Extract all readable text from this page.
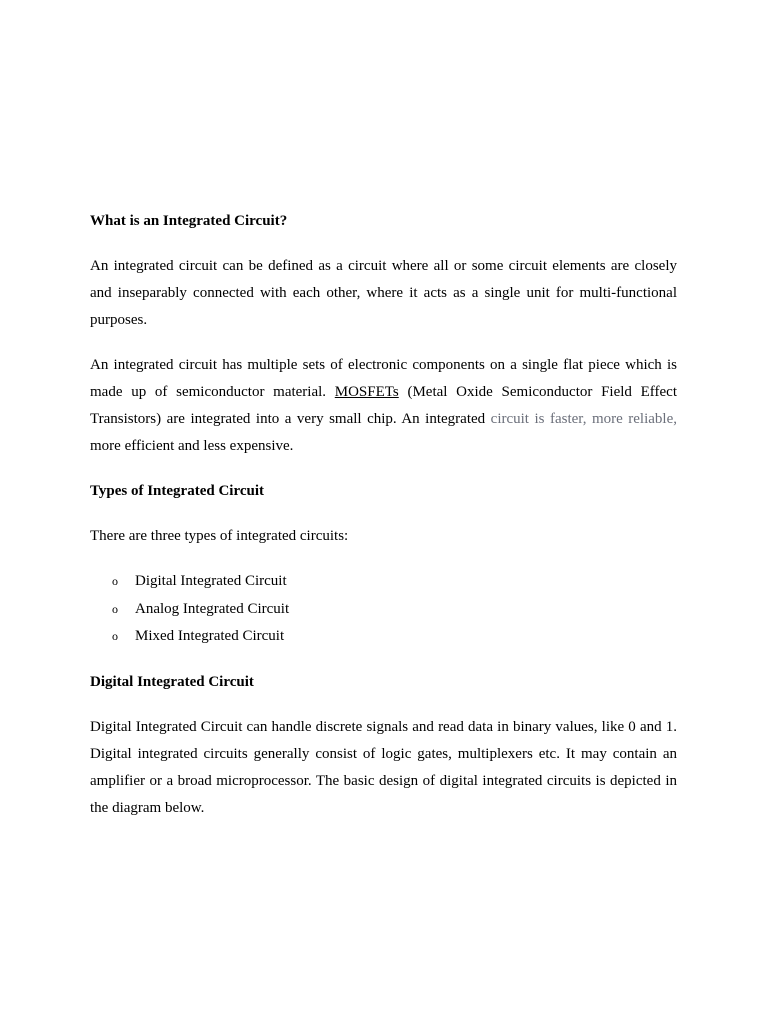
What is an Integrated Circuit?

An integrated circuit can be defined as a circuit where all or some circuit elements are closely and inseparably connected with each other, where it acts as a single unit for multi-functional purposes.

An integrated circuit has multiple sets of electronic components on a single flat piece which is made up of semiconductor material. MOSFETs (Metal Oxide Semiconductor Field Effect Transistors) are integrated into a very small chip. An integrated circuit is faster, more reliable, more efficient and less expensive.

Types of Integrated Circuit

There are three types of integrated circuits:

o Digital Integrated Circuit
o Analog Integrated Circuit
o Mixed Integrated Circuit

Digital Integrated Circuit

Digital Integrated Circuit can handle discrete signals and read data in binary values, like 0 and 1. Digital integrated circuits generally consist of logic gates, multiplexers etc. It may contain an amplifier or a broad microprocessor. The basic design of digital integrated circuits is depicted in the diagram below.
